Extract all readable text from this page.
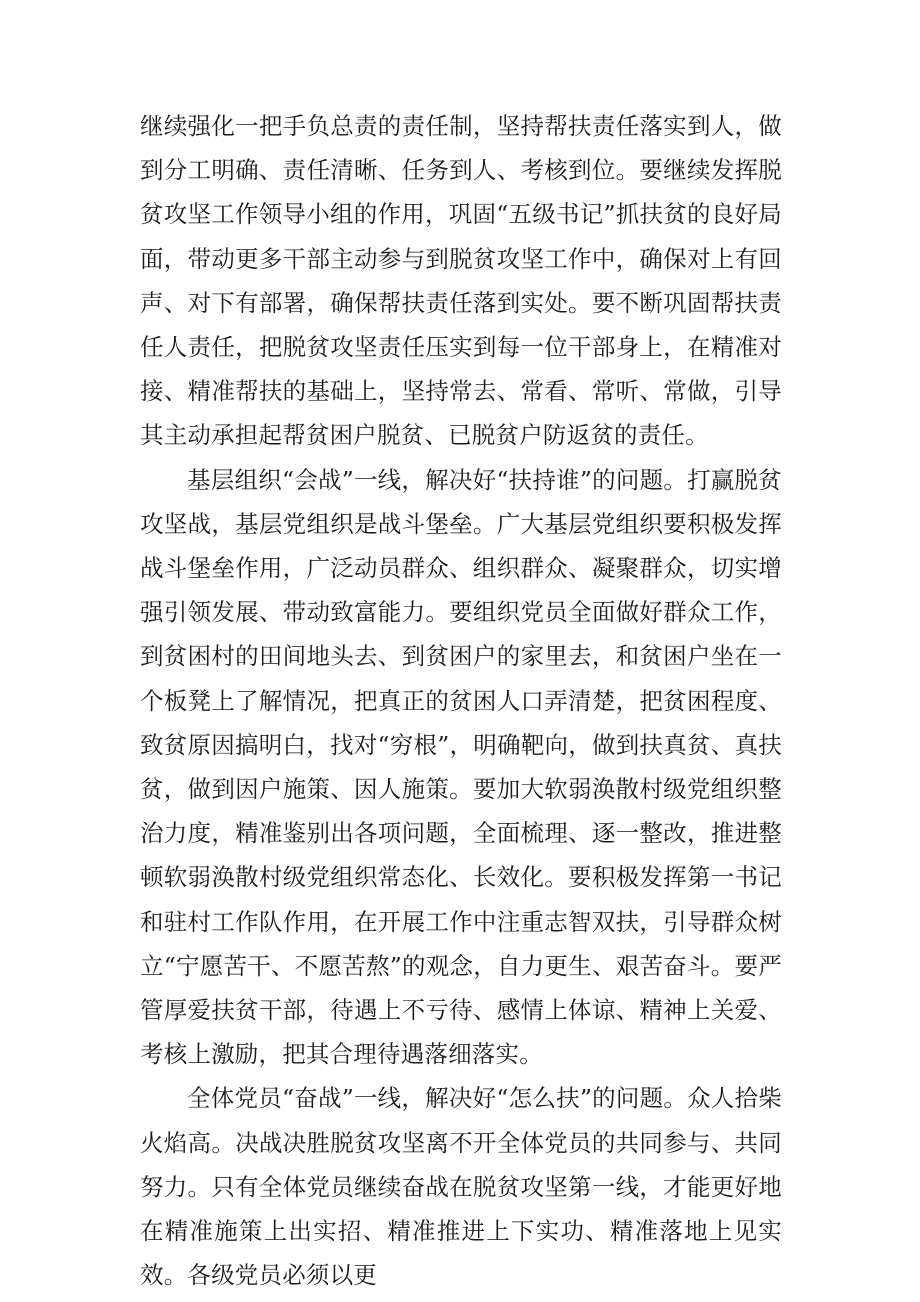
继续强化一把手负总责的责任制，坚持帮扶责任落实到人，做到分工明确、责任清晰、任务到人、考核到位。要继续发挥脱贫攻坚工作领导小组的作用，巩固“五级书记”抓扶贫的良好局面，带动更多干部主动参与到脱贫攻坚工作中，确保对上有回声、对下有部署，确保帮扶责任落到实处。要不断巩固帮扶责任人责任，把脱贫攻坚责任压实到每一位干部身上，在精准对接、精准帮扶的基础上，坚持常去、常看、常听、常做，引导其主动承担起帮贫困户脱贫、已脱贫户防返贫的责任。

基层组织“会战”一线，解决好“扶持谁”的问题。打赢脱贫攻坚战，基层党组织是战斗堡垒。广大基层党组织要积极发挥战斗堡垒作用，广泛动员群众、组织群众、凝聚群众，切实增强引领发展、带动致富能力。要组织党员全面做好群众工作，到贫困村的田间地头去、到贫困户的家里去，和贫困户坐在一个板凳上了解情况，把真正的贫困人口弄清楚，把贫困程度、致贫原因搞明白，找对“穷根”，明确靶向，做到扶真贫、真扶贫，做到因户施策、因人施策。要加大软弱涣散村级党组织整治力度，精准鉴别出各项问题，全面梳理、逐一整改，推进整顿软弱涣散村级党组织常态化、长效化。要积极发挥第一书记和驻村工作队作用，在开展工作中注重志智双扶，引导群众树立“宁愿苦干、不愿苦熬”的观念，自力更生、艰苦奋斗。要严管厚爱扶贫干部，待遇上不亏待、感情上体谅、精神上关爱、考核上激励，把其合理待遇落细落实。

全体党员“奋战”一线，解决好“怎么扶”的问题。众人拾柴火焰高。决战决胜脱贫攻坚离不开全体党员的共同参与、共同努力。只有全体党员继续奋战在脱贫攻坚第一线，才能更好地在精准施策上出实招、精准推进上下实功、精准落地上见实效。各级党员必须以更
